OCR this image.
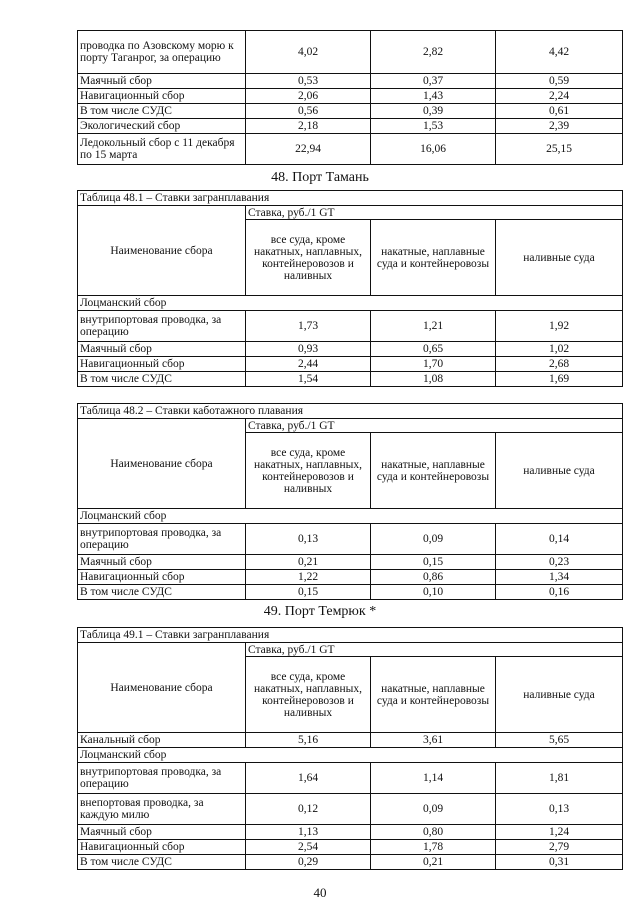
проводка по Азовскому морю к порту Таганрог, за операцию	4,02	2,82	4,42
Маячный сбор	0,53	0,37	0,59
Навигационный сбор	2,06	1,43	2,24
В том числе СУДС	0,56	0,39	0,61
Экологический сбор	2,18	1,53	2,39
Ледокольный сбор с 11 декабря по 15 марта	22,94	16,06	25,15
48. Порт Тамань
Таблица 48.1 – Ставки загранплавания			
Наименование сбора	Ставка, руб./1 GT		
	все суда, кроме накатных, наплавных, контейнеровозов и наливных	накатные, наплавные суда и контейнеровозы	наливные суда
Лоцманский сбор			
внутрипортовая проводка, за операцию	1,73	1,21	1,92
Маячный сбор	0,93	0,65	1,02
Навигационный сбор	2,44	1,70	2,68
В том числе СУДС	1,54	1,08	1,69
Таблица 48.2 – Ставки каботажного плавания			
Наименование сбора	Ставка, руб./1 GT		
	все суда, кроме накатных, наплавных, контейнеровозов и наливных	накатные, наплавные суда и контейнеровозы	наливные суда
Лоцманский сбор			
внутрипортовая проводка, за операцию	0,13	0,09	0,14
Маячный сбор	0,21	0,15	0,23
Навигационный сбор	1,22	0,86	1,34
В том числе СУДС	0,15	0,10	0,16
49. Порт Темрюк *
Таблица 49.1 – Ставки загранплавания			
Наименование сбора	Ставка, руб./1 GT		
	все суда, кроме накатных, наплавных, контейнеровозов и наливных	накатные, наплавные суда и контейнеровозы	наливные суда
Канальный сбор	5,16	3,61	5,65
Лоцманский сбор			
внутрипортовая проводка, за операцию	1,64	1,14	1,81
внепортовая проводка, за каждую милю	0,12	0,09	0,13
Маячный сбор	1,13	0,80	1,24
Навигационный сбор	2,54	1,78	2,79
В том числе СУДС	0,29	0,21	0,31
40
